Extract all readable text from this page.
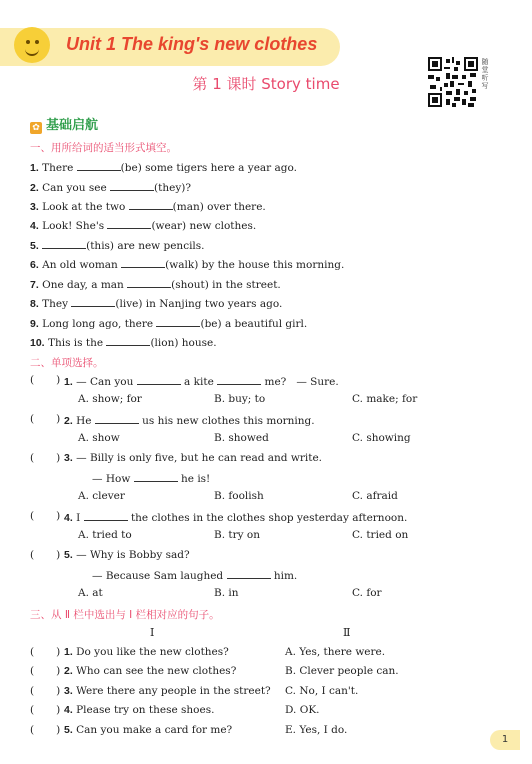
Unit 1 The king's new clothes
第 1 课时 Story time	随堂听写
✿ 基础启航
一、用所给词的适当形式填空。
1. There	(be) some tigers here a year ago.
2. Can you see	(they)?
3. Look at the two	(man) over there.
4. Look! She's	(wear) new clothes.
5.	(this) are new pencils.
6. An old woman	(walk) by the house this morning.
7. One day, a man	(shout) in the street.
8. They	(live) in Nanjing two years ago.
9. Long long ago, there	(be) a beautiful girl.
10. This is the	(lion) house.
二、单项选择。
( ) 1. — Can you	a kite	me? — Sure.
A. show; for	B. buy; to	C. make; for
( ) 2. He	us his new clothes this morning.
A. show	B. showed	C. showing
( ) 3. — Billy is only five, but he can read and write.
— How	he is!
A. clever	B. foolish	C. afraid
( ) 4. I	the clothes in the clothes shop yesterday afternoon.
A. tried to	B. try on	C. tried on
( ) 5. — Why is Bobby sad?
— Because Sam laughed	him.
A. at	B. in	C. for
三、从 Ⅱ 栏中选出与 Ⅰ 栏相对应的句子。
Ⅰ	Ⅱ
( ) 1. Do you like the new clothes?	A. Yes, there were.
( ) 2. Who can see the new clothes?	B. Clever people can.
( ) 3. Were there any people in the street? C. No, I can't.
( ) 4. Please try on these shoes.	D. OK.
( ) 5. Can you make a card for me?	E. Yes, I do.
1
